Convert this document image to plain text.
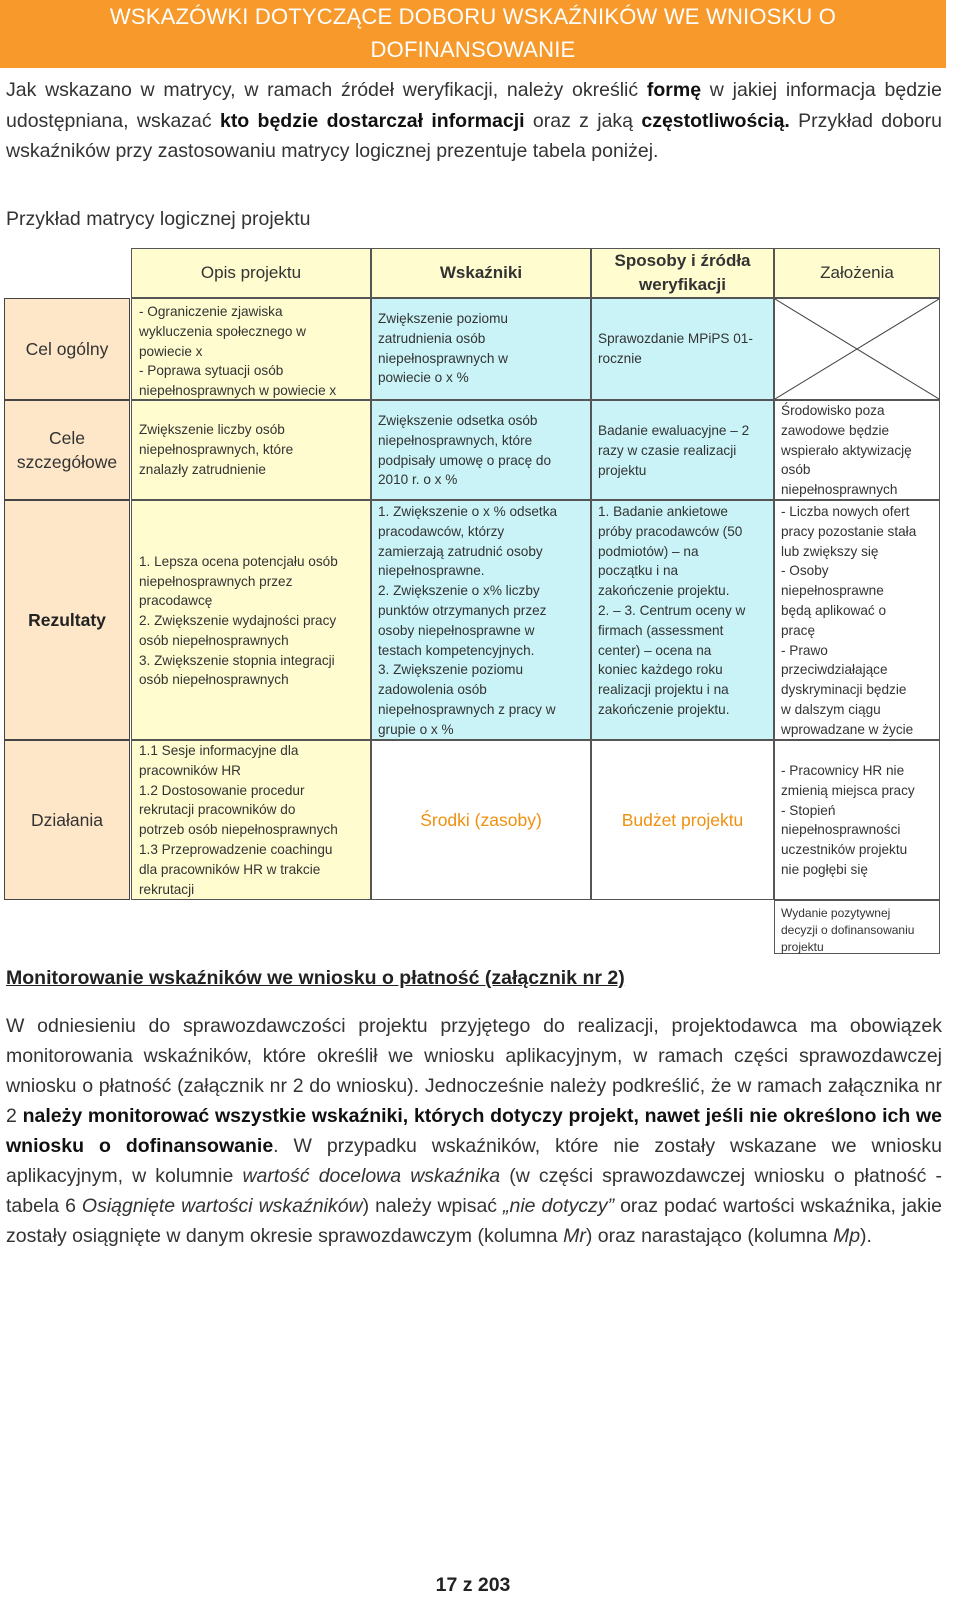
WSKAZÓWKI DOTYCZĄCE DOBORU WSKAŹNIKÓW WE WNIOSKU O
DOFINANSOWANIE
Jak wskazano w matrycy, w ramach źródeł weryfikacji, należy określić formę w jakiej informacja będzie udostępniana, wskazać kto będzie dostarczał informacji oraz z jaką częstotliwością. Przykład doboru wskaźników przy zastosowaniu matrycy logicznej prezentuje tabela poniżej.
Przykład matrycy logicznej projektu
Opis projektu	Wskaźniki
Sposoby i źródła
weryfikacji
Założenia
Cel ogólny
Cele
szczegółowe
Rezultaty
Działania
- Ograniczenie zjawiska
wykluczenia społecznego w
powiecie x
- Poprawa sytuacji osób
niepełnosprawnych w powiecie x
Zwiększenie poziomu
zatrudnienia osób
niepełnosprawnych w
powiecie o x %
Sprawozdanie MPiPS 01-
rocznie
Zwiększenie liczby osób
niepełnosprawnych, które
znalazły zatrudnienie
Zwiększenie odsetka osób
niepełnosprawnych, które
podpisały umowę o pracę do
2010 r. o x %
Badanie ewaluacyjne – 2
razy w czasie realizacji
projektu
Środowisko poza
zawodowe będzie
wspierało aktywizację
osób
niepełnosprawnych
1. Lepsza ocena potencjału osób
niepełnosprawnych przez
pracodawcę
2. Zwiększenie wydajności pracy
osób niepełnosprawnych
3. Zwiększenie stopnia integracji
osób niepełnosprawnych
1. Zwiększenie o x % odsetka
pracodawców, którzy
zamierzają zatrudnić osoby
niepełnosprawne.
2. Zwiększenie o x% liczby
punktów otrzymanych przez
osoby niepełnosprawne w
testach kompetencyjnych.
3. Zwiększenie poziomu
zadowolenia osób
niepełnosprawnych z pracy w
grupie o x %
1. Badanie ankietowe
próby pracodawców (50
podmiotów) – na
początku i na
zakończenie projektu.
2. – 3. Centrum oceny w
firmach (assessment
center) – ocena na
koniec każdego roku
realizacji projektu i na
zakończenie projektu.
- Liczba nowych ofert
pracy pozostanie stała
lub zwiększy się
- Osoby
niepełnosprawne
będą aplikować o
pracę
- Prawo
przeciwdziałające
dyskryminacji będzie
w dalszym ciągu
wprowadzane w życie
1.1 Sesje informacyjne dla
pracowników HR
1.2 Dostosowanie procedur
rekrutacji pracowników do
potrzeb osób niepełnosprawnych
1.3 Przeprowadzenie coachingu
dla pracowników HR w trakcie
rekrutacji
Środki (zasoby)	Budżet projektu
- Pracownicy HR nie
zmienią miejsca pracy
- Stopień
niepełnosprawności
uczestników projektu
nie pogłębi się
Wydanie pozytywnej
decyzji o dofinansowaniu
projektu
Monitorowanie wskaźników we wniosku o płatność (załącznik nr 2)
W odniesieniu do sprawozdawczości projektu przyjętego do realizacji, projektodawca ma obowiązek monitorowania wskaźników, które określił we wniosku aplikacyjnym, w ramach części sprawozdawczej wniosku o płatność (załącznik nr 2 do wniosku). Jednocześnie należy podkreślić, że w ramach załącznika nr 2 należy monitorować wszystkie wskaźniki, których dotyczy projekt, nawet jeśli nie określono ich we wniosku o dofinansowanie. W przypadku wskaźników, które nie zostały wskazane we wniosku aplikacyjnym, w kolumnie wartość docelowa wskaźnika (w części sprawozdawczej wniosku o płatność - tabela 6 Osiągnięte wartości wskaźników) należy wpisać „nie dotyczy” oraz podać wartości wskaźnika, jakie zostały osiągnięte w danym okresie sprawozdawczym (kolumna Mr) oraz narastająco (kolumna Mp).
17 z 203
